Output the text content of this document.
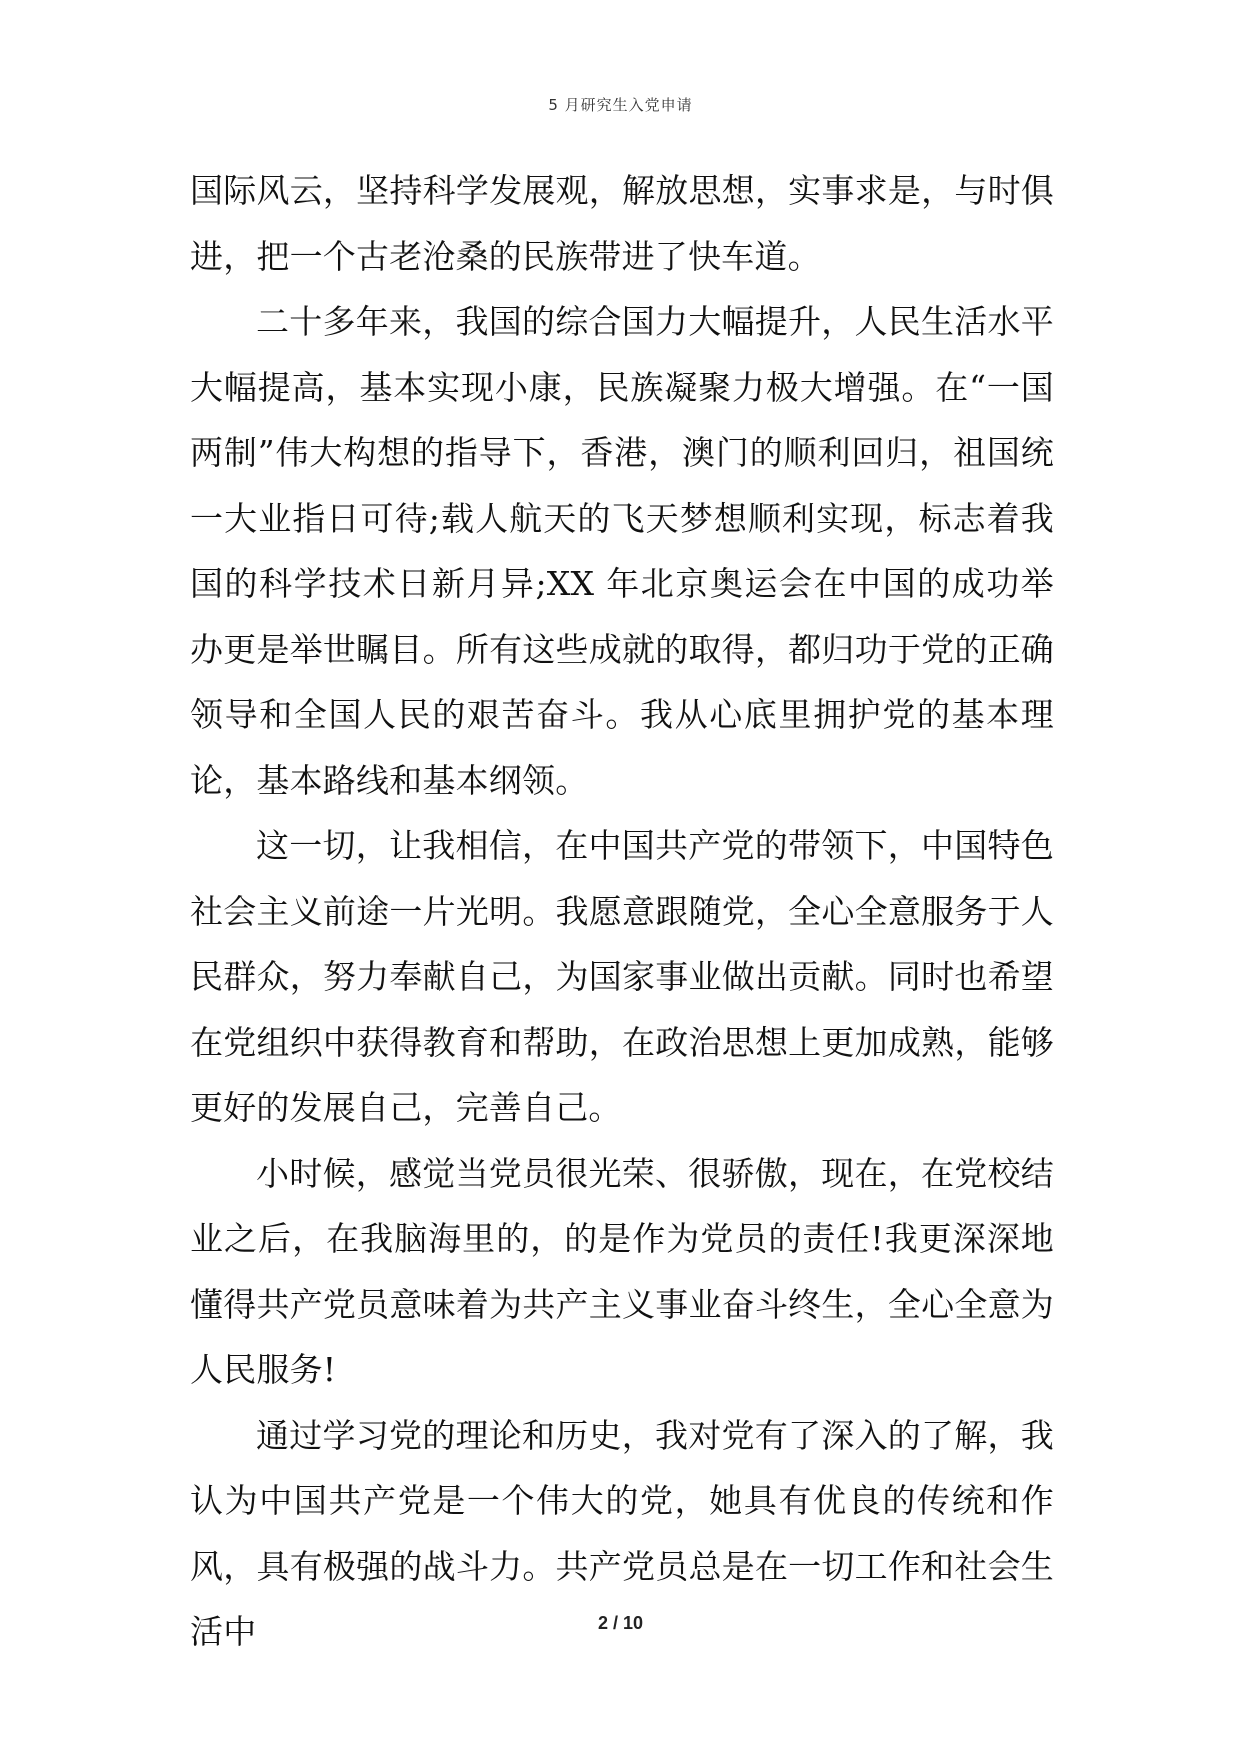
5 月研究生入党申请

国际风云，坚持科学发展观，解放思想，实事求是，与时俱进，把一个古老沧桑的民族带进了快车道。

二十多年来，我国的综合国力大幅提升，人民生活水平大幅提高，基本实现小康，民族凝聚力极大增强。在“一国两制”伟大构想的指导下，香港，澳门的顺利回归，祖国统一大业指日可待;载人航天的飞天梦想顺利实现，标志着我国的科学技术日新月异;XX 年北京奥运会在中国的成功举办更是举世瞩目。所有这些成就的取得，都归功于党的正确领导和全国人民的艰苦奋斗。我从心底里拥护党的基本理论，基本路线和基本纲领。

这一切，让我相信，在中国共产党的带领下，中国特色社会主义前途一片光明。我愿意跟随党，全心全意服务于人民群众，努力奉献自己，为国家事业做出贡献。同时也希望在党组织中获得教育和帮助，在政治思想上更加成熟，能够更好的发展自己，完善自己。

小时候，感觉当党员很光荣、很骄傲，现在，在党校结业之后，在我脑海里的，的是作为党员的责任!我更深深地懂得共产党员意味着为共产主义事业奋斗终生，全心全意为人民服务!

通过学习党的理论和历史，我对党有了深入的了解，我认为中国共产党是一个伟大的党，她具有优良的传统和作风，具有极强的战斗力。共产党员总是在一切工作和社会生活中	2 / 10
